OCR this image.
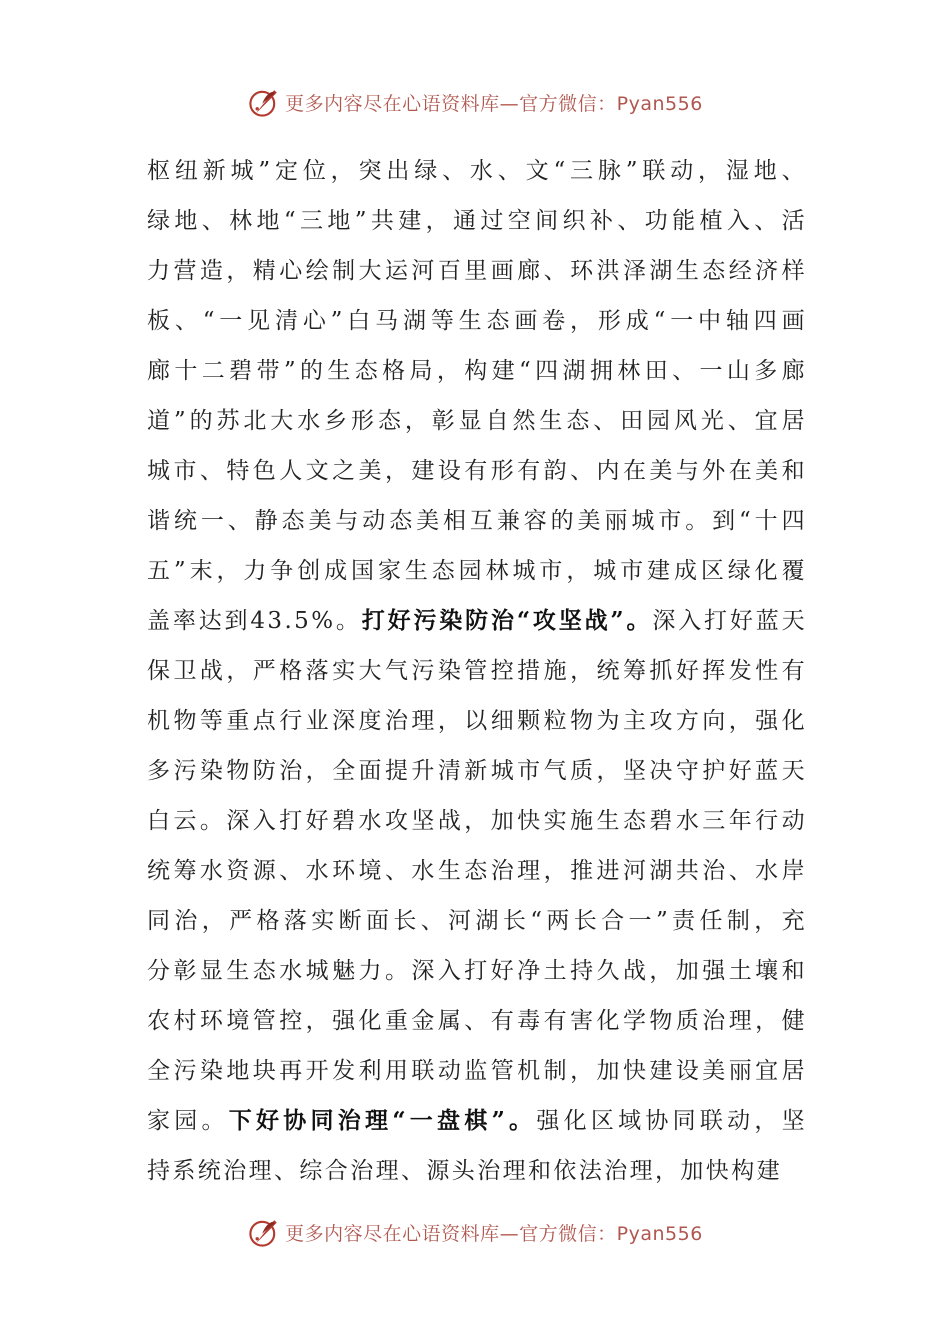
更多内容尽在心语资料库—官方微信：Pyan556
枢纽新城”定位，突出绿、水、文“三脉”联动，湿地、
绿地、林地“三地”共建，通过空间织补、功能植入、活
力营造，精心绘制大运河百里画廊、环洪泽湖生态经济样
板、“一见清心”白马湖等生态画卷，形成“一中轴四画
廊十二碧带”的生态格局，构建“四湖拥林田、一山多廊
道”的苏北大水乡形态，彰显自然生态、田园风光、宜居
城市、特色人文之美，建设有形有韵、内在美与外在美和
谐统一、静态美与动态美相互兼容的美丽城市。到“十四
五”末，力争创成国家生态园林城市，城市建成区绿化覆
盖率达到43.5%。打好污染防治“攻坚战”。深入打好蓝天
保卫战，严格落实大气污染管控措施，统筹抓好挥发性有
机物等重点行业深度治理，以细颗粒物为主攻方向，强化
多污染物防治，全面提升清新城市气质，坚决守护好蓝天
白云。深入打好碧水攻坚战，加快实施生态碧水三年行动
统筹水资源、水环境、水生态治理，推进河湖共治、水岸
同治，严格落实断面长、河湖长“两长合一”责任制，充
分彰显生态水城魅力。深入打好净土持久战，加强土壤和
农村环境管控，强化重金属、有毒有害化学物质治理，健
全污染地块再开发利用联动监管机制，加快建设美丽宜居
家园。下好协同治理“一盘棋”。强化区域协同联动，坚
持系统治理、综合治理、源头治理和依法治理，加快构建
更多内容尽在心语资料库—官方微信：Pyan556
